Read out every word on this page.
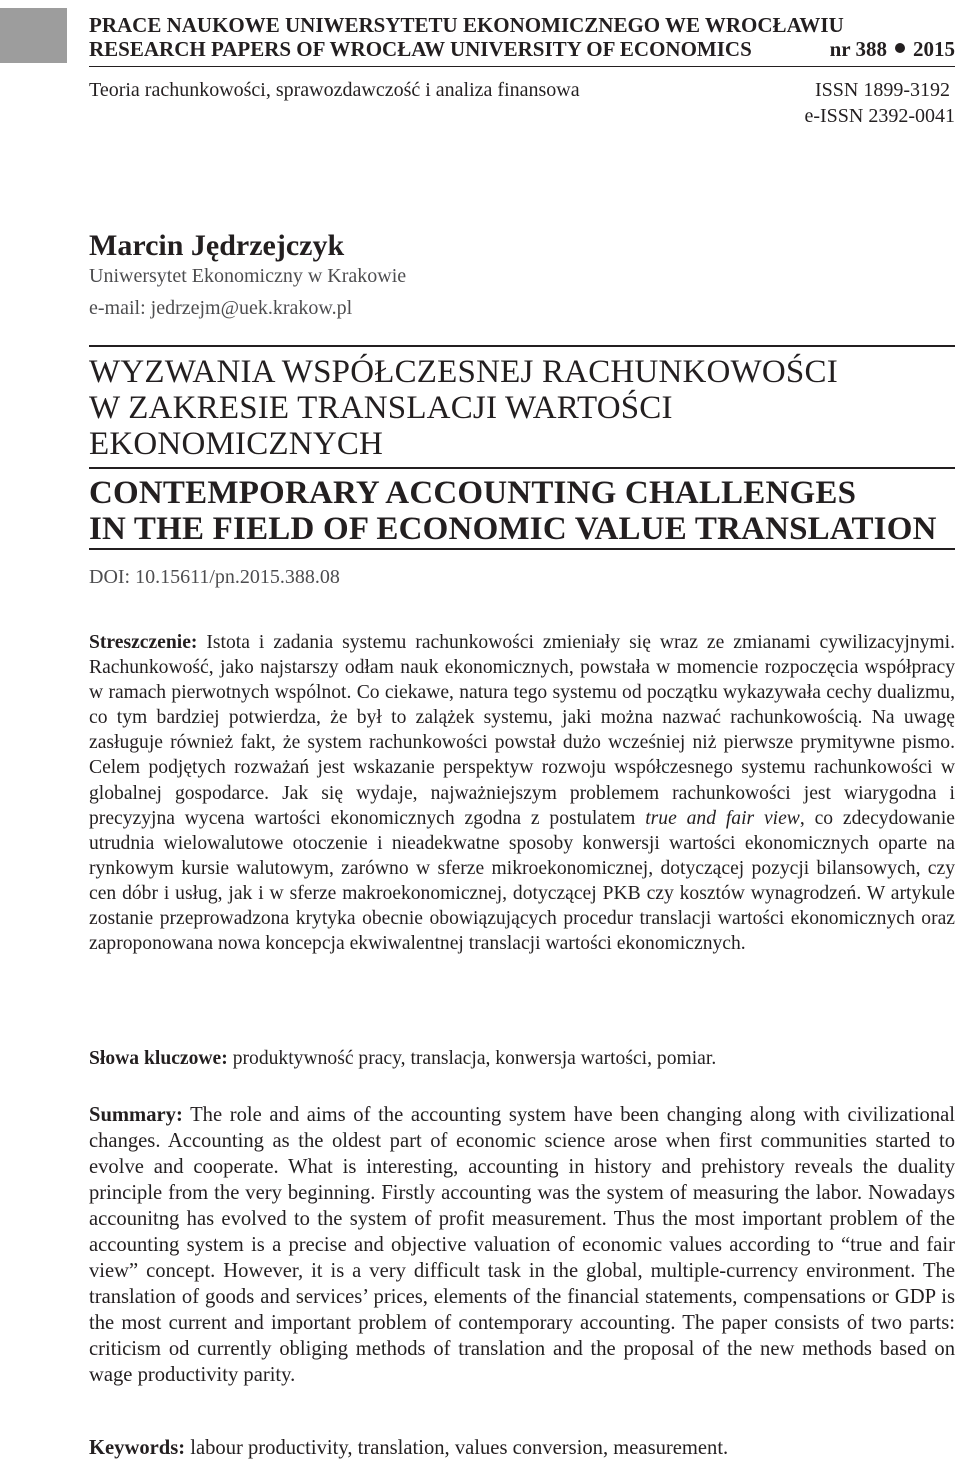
PRACE NAUKOWE UNIWERSYTETU EKONOMICZNEGO WE WROCŁAWIU
RESEARCH PAPERS OF WROCŁAW UNIVERSITY OF ECONOMICS	nr 388 2015
Teoria rachunkowości, sprawozdawczość i analiza finansowa	ISSN 1899-3192
e-ISSN 2392-0041
Marcin Jędrzejczyk
Uniwersytet Ekonomiczny w Krakowie
e-mail: jedrzejm@uek.krakow.pl
WYZWANIA WSPÓŁCZESNEJ RACHUNKOWOŚCI
W ZAKRESIE TRANSLACJI WARTOŚCI
EKONOMICZNYCH
CONTEMPORARY ACCOUNTING CHALLENGES
IN THE FIELD OF ECONOMIC VALUE TRANSLATION
DOI: 10.15611/pn.2015.388.08
Streszczenie: Istota i zadania systemu rachunkowości zmieniały się wraz ze zmianami cywilizacyjnymi. Rachunkowość, jako najstarszy odłam nauk ekonomicznych, powstała w momencie rozpoczęcia współpracy w ramach pierwotnych wspólnot. Co ciekawe, natura tego systemu od początku wykazywała cechy dualizmu, co tym bardziej potwierdza, że był to zalążek systemu, jaki można nazwać rachunkowością. Na uwagę zasługuje również fakt, że system rachunkowości powstał dużo wcześniej niż pierwsze prymitywne pismo. Celem podjętych rozważań jest wskazanie perspektyw rozwoju współczesnego systemu rachunkowości w globalnej gospodarce. Jak się wydaje, najważniejszym problemem rachunkowości jest wiarygodna i precyzyjna wycena wartości ekonomicznych zgodna z postulatem true and fair view, co zdecydowanie utrudnia wielowalutowe otoczenie i nieadekwatne sposoby konwersji wartości ekonomicznych oparte na rynkowym kursie walutowym, zarówno w sferze mikroekonomicznej, dotyczącej pozycji bilansowych, czy cen dóbr i usług, jak i w sferze makroekonomicznej, dotyczącej PKB czy kosztów wynagrodzeń. W artykule zostanie przeprowadzona krytyka obecnie obowiązujących procedur translacji wartości ekonomicznych oraz zaproponowana nowa koncepcja ekwiwalentnej translacji wartości ekonomicznych.
Słowa kluczowe: produktywność pracy, translacja, konwersja wartości, pomiar.
Summary: The role and aims of the accounting system have been changing along with civilizational changes. Accounting as the oldest part of economic science arose when first communities started to evolve and cooperate. What is interesting, accounting in history and prehistory reveals the duality principle from the very beginning. Firstly accounting was the system of measuring the labor. Nowadays accounitng has evolved to the system of profit measurement. Thus the most important problem of the accounting system is a precise and objective valuation of economic values according to “true and fair view” concept. However, it is a very difficult task in the global, multiple-currency environment. The translation of goods and services’ prices, elements of the financial statements, compensations or GDP is the most current and important problem of contemporary accounting. The paper consists of two parts: criticism od currently obliging methods of translation and the proposal of the new methods based on wage productivity parity.
Keywords: labour productivity, translation, values conversion, measurement.
